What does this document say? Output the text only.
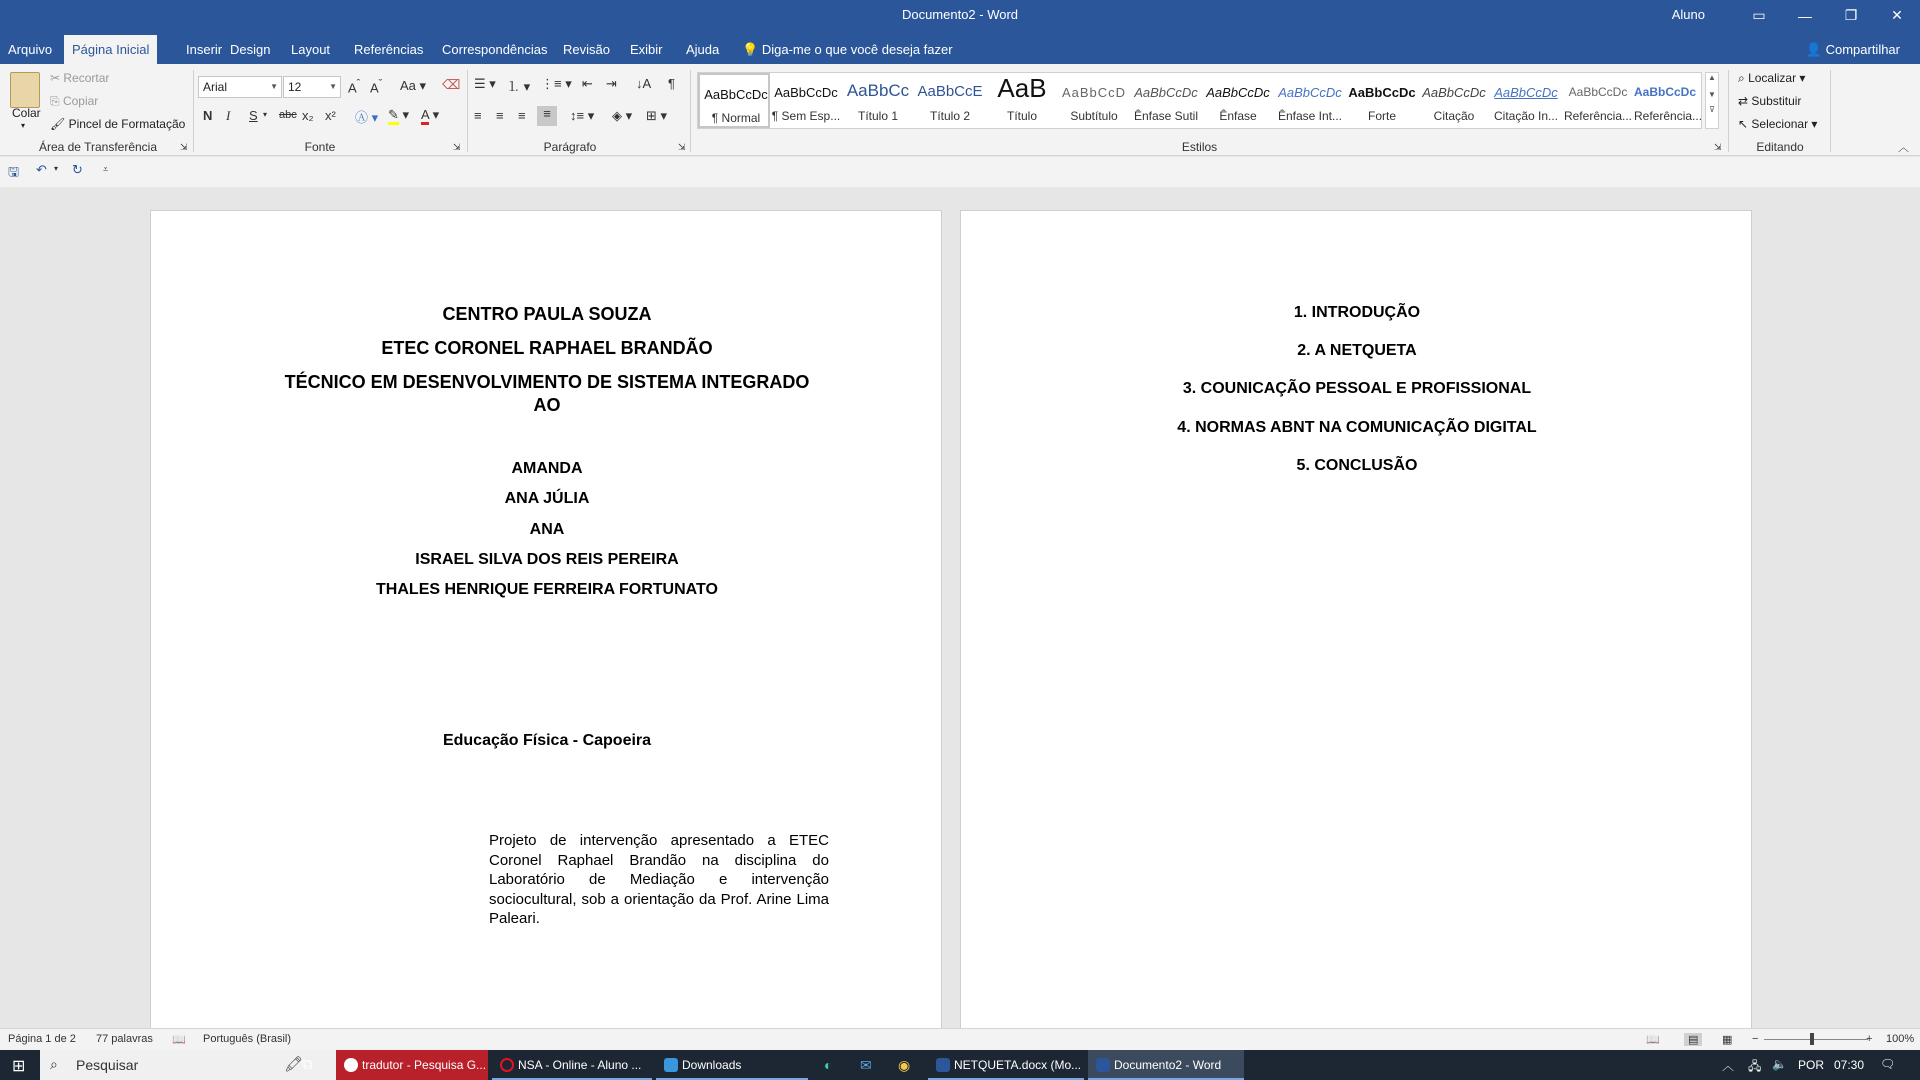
Documento2 - Word	Aluno	▭	—	❐	✕
Arquivo	Página Inicial	Inserir Design	Layout	Referências	Correspondências	Revisão	Exibir	Ajuda	💡 Diga-me o que você deseja fazer	👤 Compartilhar
Colar
▾
✂ Recortar
⎘ Copiar
🖌 Pincel de Formatação
Área de Transferência	⇲
Arial	▼ 12	▼ $A^ˆ$ $A^ˇ$ Aa ▾ ⌫
N I S ▾ abc x₂ x² Ⓐ ▾ ✎ ▾ A ▾
Fonte	⇲
☰ ▾ ⒈ ▾ ⋮≡ ▾ ⇤ ⇥ ↓A ¶
≡ ≡ ≡	≡	↕≡ ▾ ◈ ▾ ⊞ ▾
Parágrafo	⇲
AaBbCcDc
¶ Normal
AaBbCcDc
¶ Sem Esp...
AaBbCc
Título 1
AaBbCcE
Título 2
AaB
Título
AaBbCcD
Subtítulo
AaBbCcDc
Ênfase Sutil
AaBbCcDc
Ênfase
AaBbCcDc
Ênfase Int...
AaBbCcDc
Forte
AaBbCcDc
Citação
AaBbCcDc
Citação In...
AaBbCcDc
Referência...
AaBbCcDc
Referência...
▲
▼
⊽
Estilos	⇲
⌕ Localizar ▾
⇄ Substituir
↖ Selecionar ▾
Editando	︿
🖫 ↶ ▾ ↻ ⩡
CENTRO PAULA SOUZA
ETEC CORONEL RAPHAEL BRANDÃO
TÉCNICO EM DESENVOLVIMENTO DE SISTEMA INTEGRADO
AO
AMANDA
ANA JÚLIA
ANA
ISRAEL SILVA DOS REIS PEREIRA
THALES HENRIQUE FERREIRA FORTUNATO
Educação Física - Capoeira
Projeto de intervenção apresentado a ETEC Coronel Raphael Brandão na disciplina do Laboratório de Mediação e intervenção sociocultural, sob a orientação da Prof. Arine Lima Paleari.
1. INTRODUÇÃO
2. A NETQUETA
3. COUNICAÇÃO PESSOAL E PROFISSIONAL
4. NORMAS ABNT NA COMUNICAÇÃO DIGITAL
5. CONCLUSÃO
Página 1 de 2 77 palavras 📖 Português (Brasil)	📖	▤	▦ −	+ 100%
⊞ ⌕ Pesquisar	🖍
⧉	tradutor - Pesquisa G...	NSA - Online - Aluno ...	Downloads	◐ ✉ ◉	NETQUETA.docx (Mo...	Documento2 - Word	︿ 🖧 🔈 POR 07:30 🗨
